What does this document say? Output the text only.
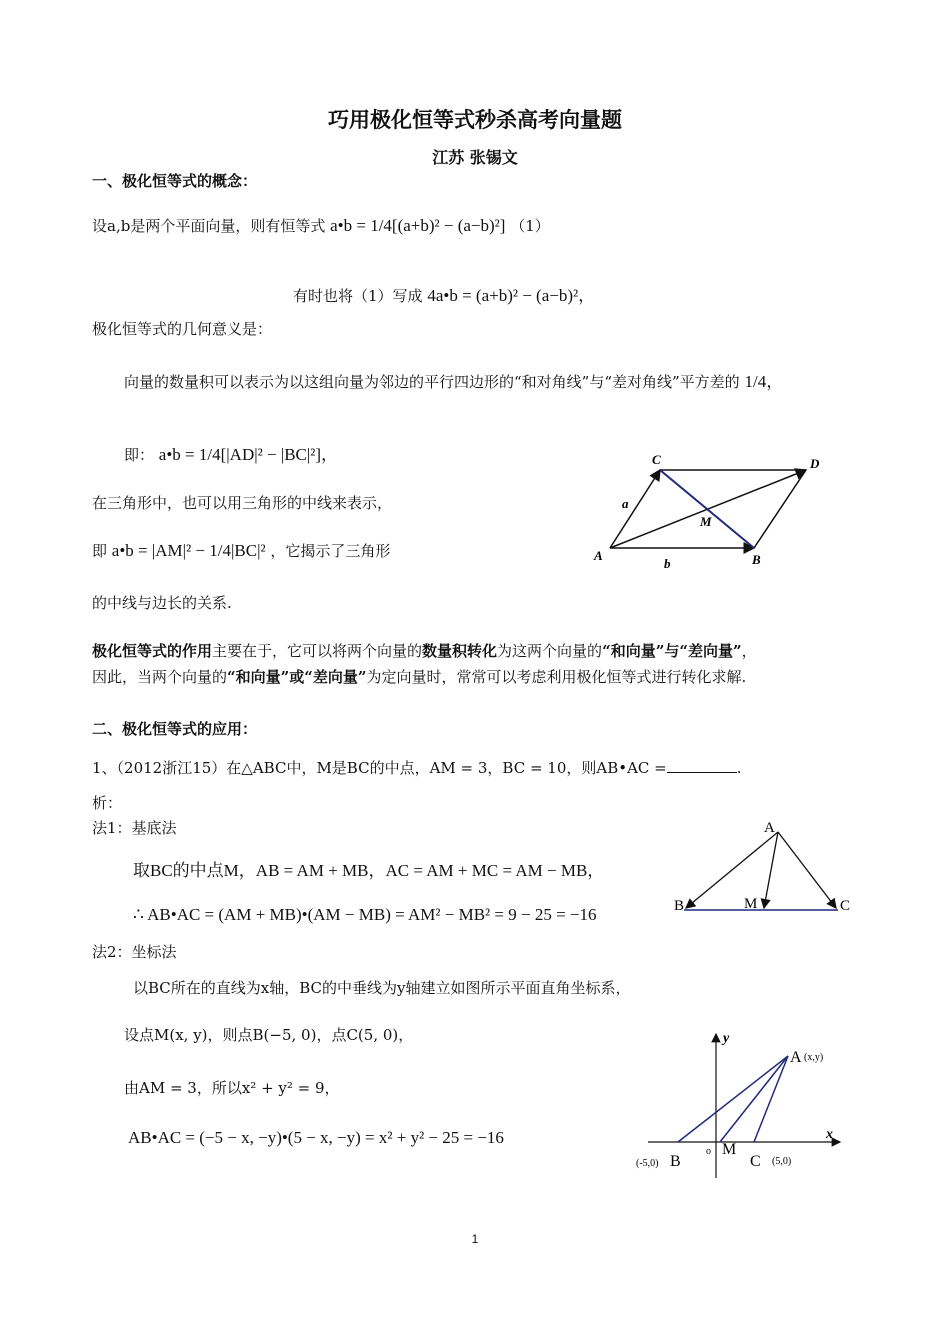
巧用极化恒等式秒杀高考向量题
江苏 张锡文
一、极化恒等式的概念：
设a,b是两个平面向量，则有恒等式 a•b = 1/4[(a+b)² − (a−b)²] （1）
有时也将（1）写成 4a•b = (a+b)² − (a−b)²，
极化恒等式的几何意义是：
向量的数量积可以表示为以这组向量为邻边的平行四边形的“和对角线”与“差对角线”平方差的 1/4，
即： a•b = 1/4[|AD|² − |BC|²]，
在三角形中，也可以用三角形的中线来表示，
即 a•b = |AM|² − 1/4|BC|² ，它揭示了三角形
的中线与边长的关系.
极化恒等式的作用主要在于，它可以将两个向量的数量积转化为这两个向量的“和向量”与“差向量”，
因此，当两个向量的“和向量”或“差向量”为定向量时，常常可以考虑利用极化恒等式进行转化求解.
C	D
A	B
M
a
b
二、极化恒等式的应用：
1、（2012浙江15）在△ABC中，M是BC的中点，AM = 3，BC = 10，则AB•AC =	.
析：
法1：基底法
取BC的中点M，AB = AM + MB，AC = AM + MC = AM − MB，
∴ AB•AC = (AM + MB)•(AM − MB) = AM² − MB² = 9 − 25 = −16
A
B	C
M
法2：坐标法
以BC所在的直线为x轴，BC的中垂线为y轴建立如图所示平面直角坐标系，
设点M(x, y)，则点B(−5, 0)，点C(5, 0)，
由AM = 3，所以x² + y² = 9，
AB•AC = (−5 − x, −y)•(5 − x, −y) = x² + y² − 25 = −16
y
x
A (x,y)
B
(-5,0)	C (5,0)
M
o
1
